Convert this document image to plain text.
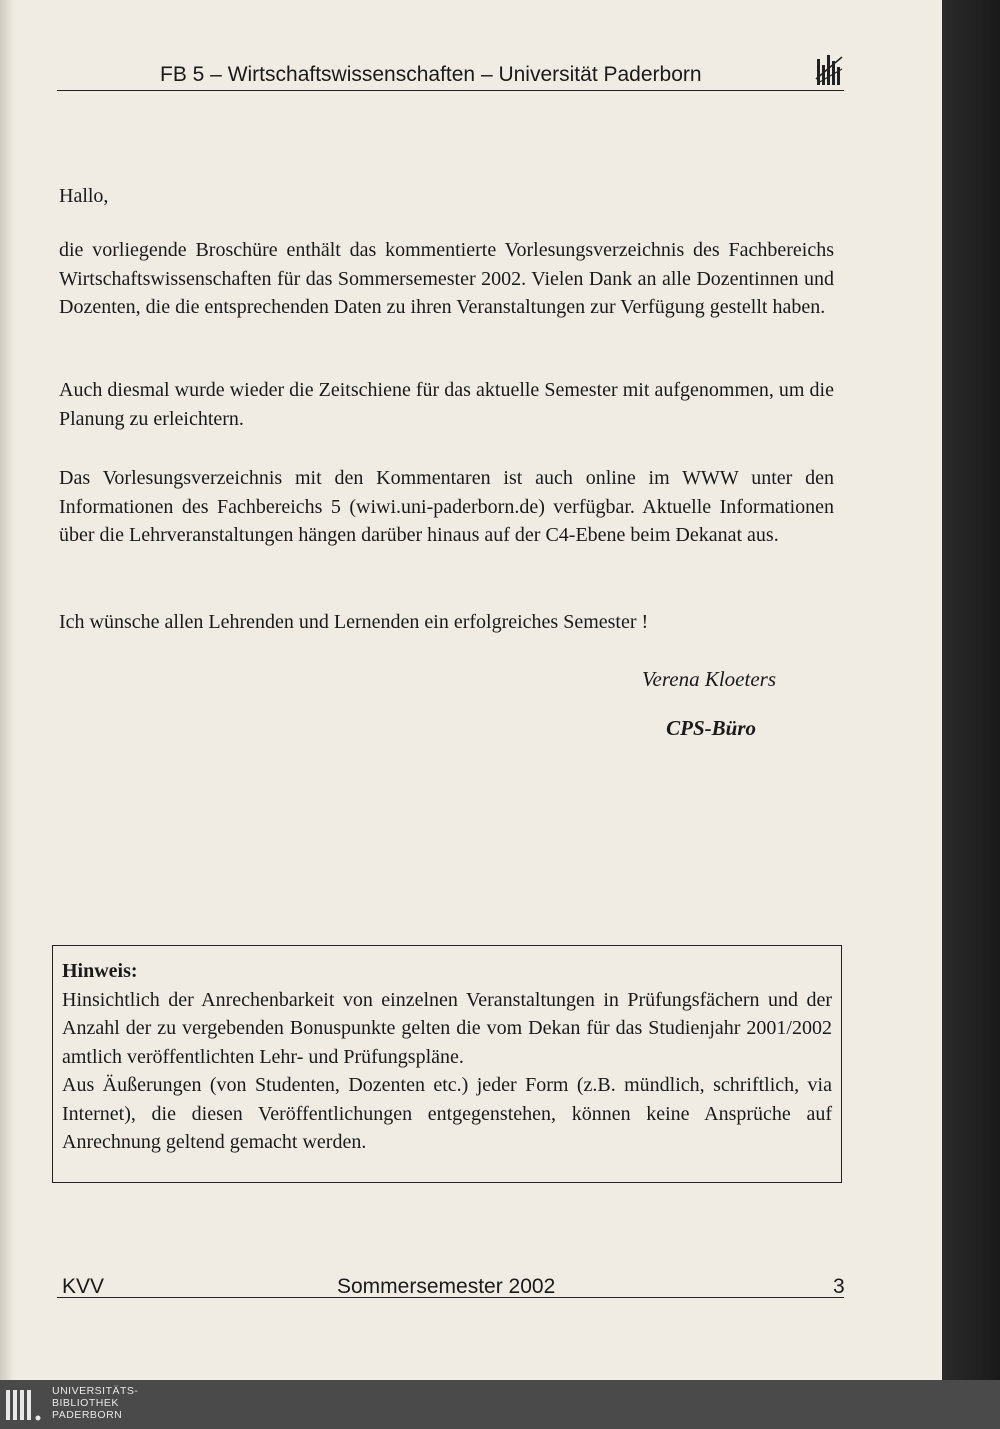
FB 5 – Wirtschaftswissenschaften – Universität Paderborn
Hallo,

die vorliegende Broschüre enthält das kommentierte Vorlesungsverzeichnis des Fachbereichs Wirtschaftswissenschaften für das Sommersemester 2002. Vielen Dank an alle Dozentinnen und Dozenten, die die entsprechenden Daten zu ihren Veranstaltungen zur Verfügung gestellt haben.

Auch diesmal wurde wieder die Zeitschiene für das aktuelle Semester mit aufgenommen, um die Planung zu erleichtern.

Das Vorlesungsverzeichnis mit den Kommentaren ist auch online im WWW unter den Informationen des Fachbereichs 5 (wiwi.uni-paderborn.de) verfügbar. Aktuelle Informationen über die Lehrveranstaltungen hängen darüber hinaus auf der C4-Ebene beim Dekanat aus.

Ich wünsche allen Lehrenden und Lernenden ein erfolgreiches Semester !

Verena Kloeters
CPS-Büro
Hinweis:

Hinsichtlich der Anrechenbarkeit von einzelnen Veranstaltungen in Prüfungsfächern und der Anzahl der zu vergebenden Bonuspunkte gelten die vom Dekan für das Studienjahr 2001/2002 amtlich veröffentlichten Lehr- und Prüfungspläne.

Aus Äußerungen (von Studenten, Dozenten etc.) jeder Form (z.B. mündlich, schriftlich, via Internet), die diesen Veröffentlichungen entgegenstehen, können keine Ansprüche auf Anrechnung geltend gemacht werden.

KVV	Sommersemester 2002	3
UNIVERSITÄTS-
BIBLIOTHEK
PADERBORN
